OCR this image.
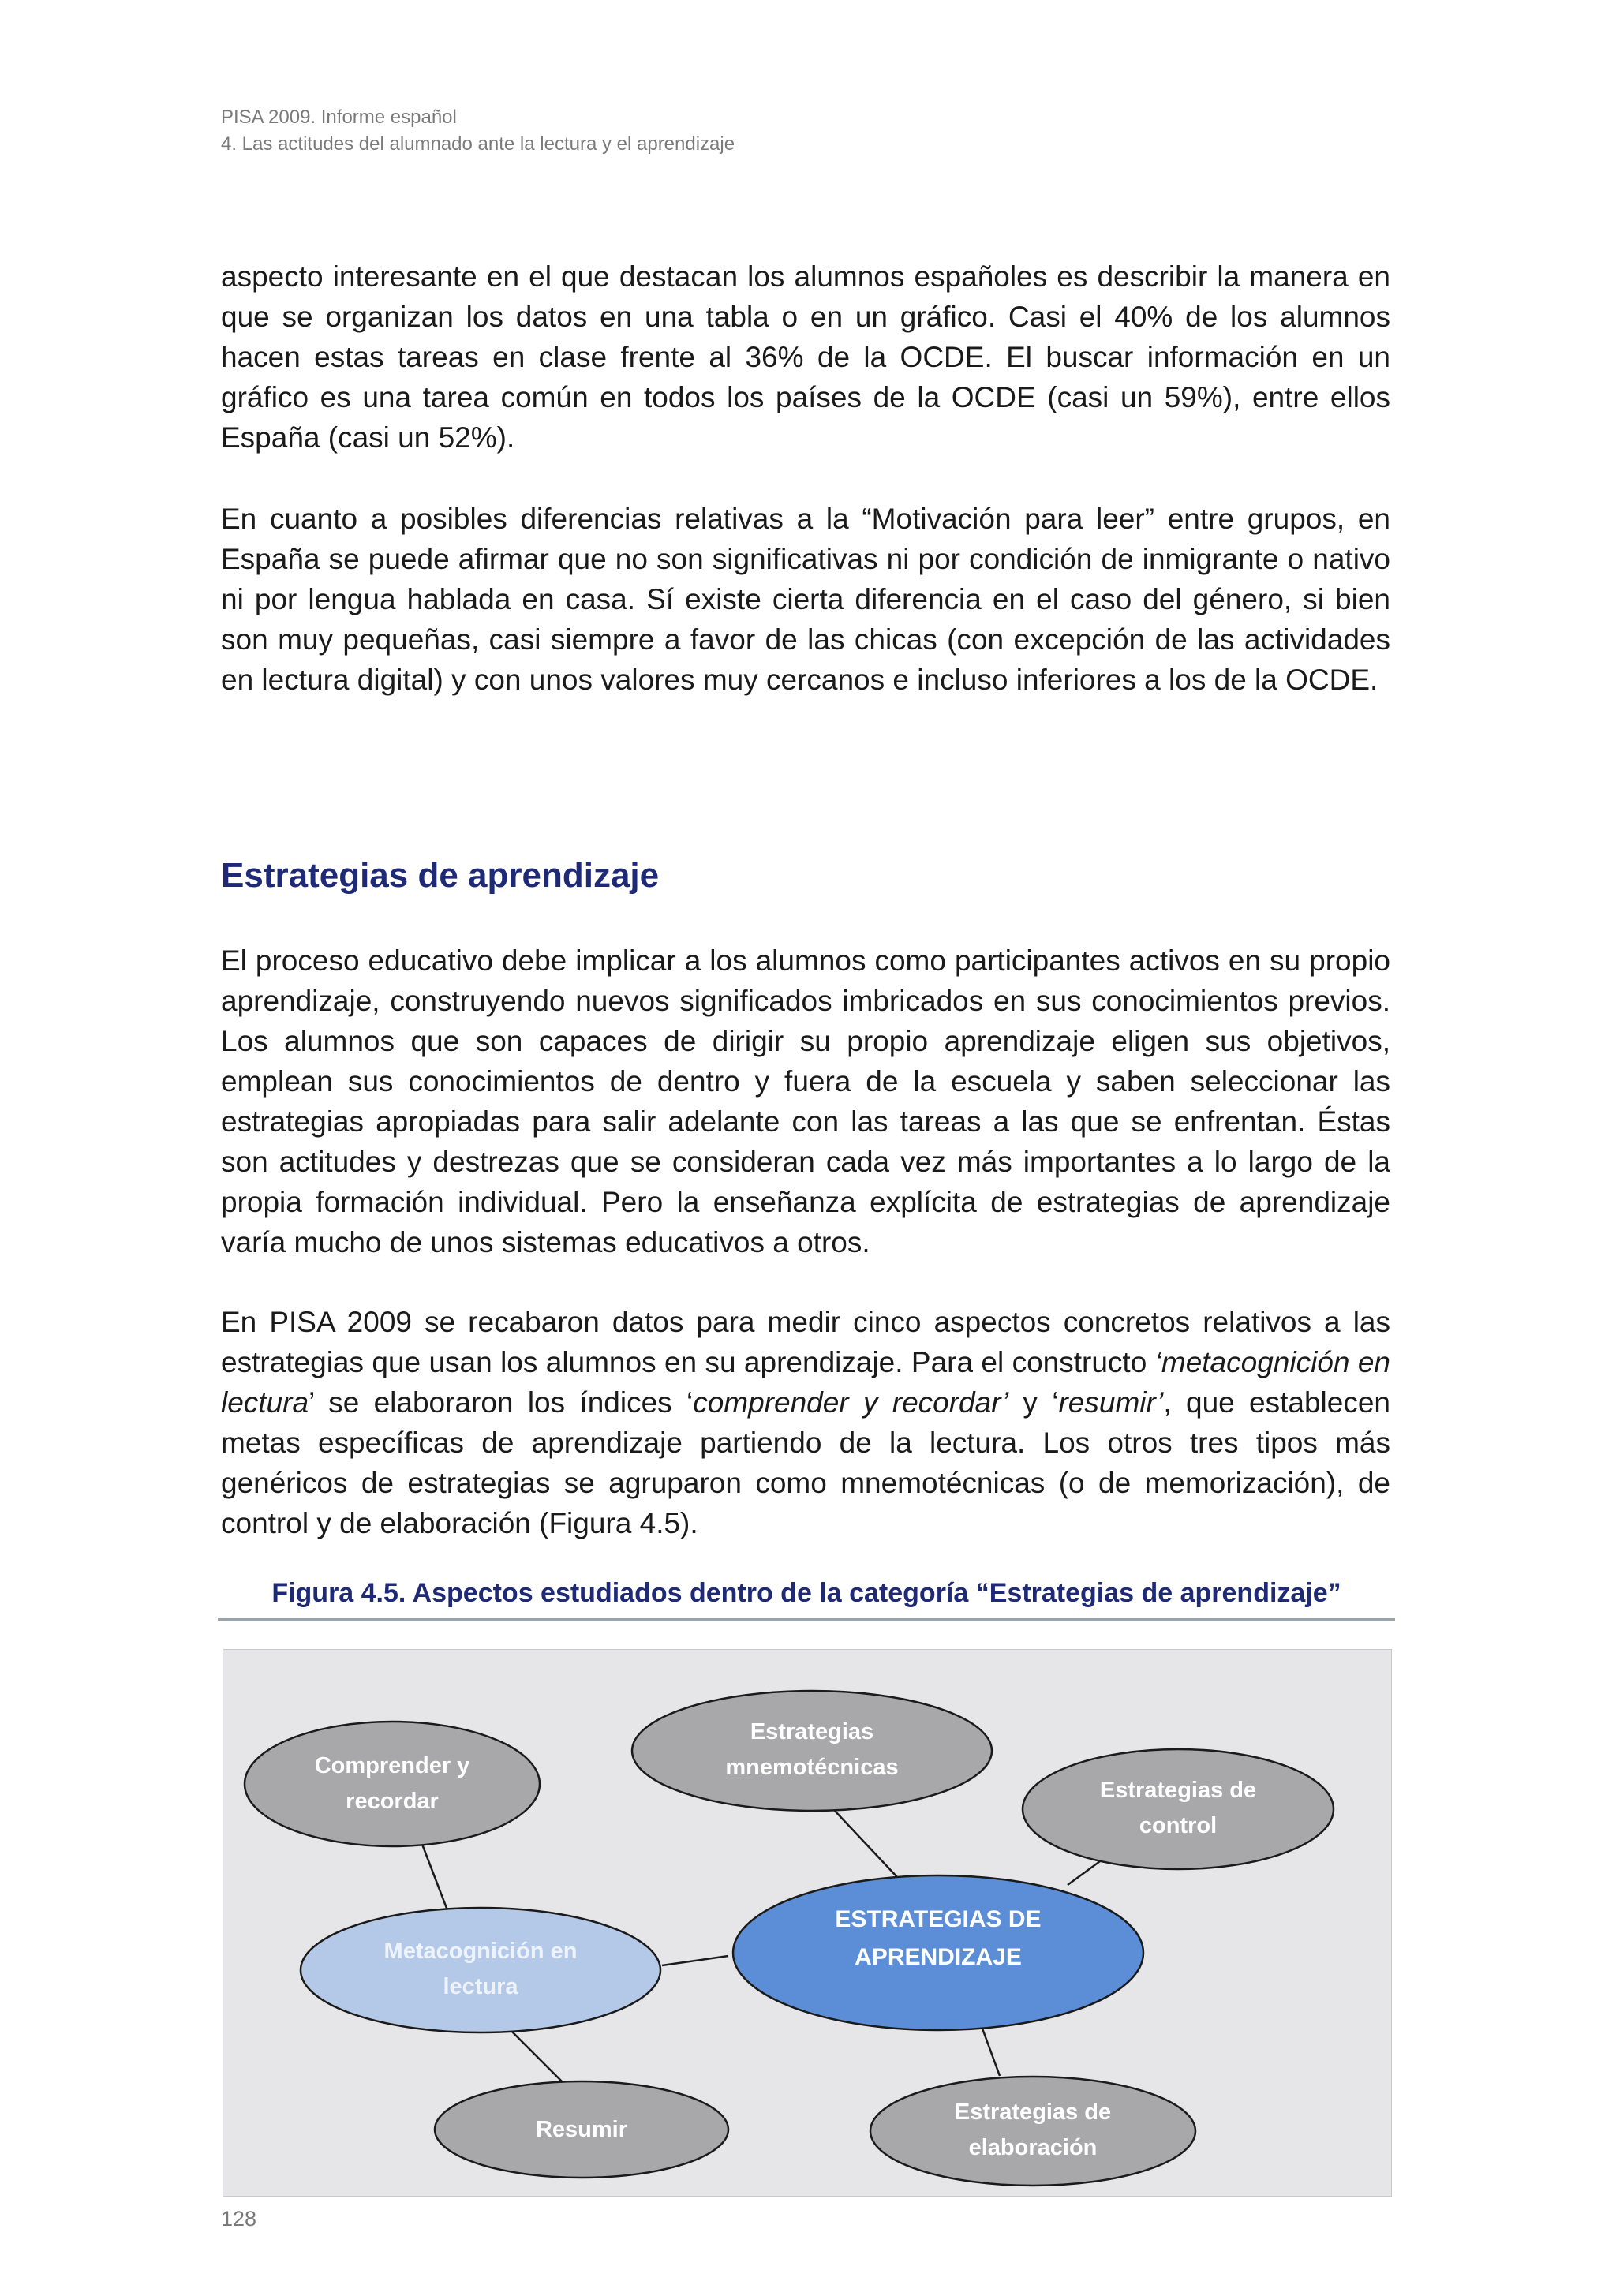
PISA 2009. Informe español
4. Las actitudes del alumnado ante la lectura y el aprendizaje

aspecto interesante en el que destacan los alumnos españoles es describir la manera en que se organizan los datos en una tabla o en un gráfico. Casi el 40% de los alumnos hacen estas tareas en clase frente al 36% de la OCDE. El buscar información en un gráfico es una tarea común en todos los países de la OCDE (casi un 59%), entre ellos España (casi un 52%).

En cuanto a posibles diferencias relativas a la “Motivación para leer” entre grupos, en España se puede afirmar que no son significativas ni por condición de inmigrante o nativo ni por lengua hablada en casa. Sí existe cierta diferencia en el caso del género, si bien son muy pequeñas, casi siempre a favor de las chicas (con excepción de las actividades en lectura digital) y con unos valores muy cercanos e incluso inferiores a los de la OCDE.

Estrategias de aprendizaje

El proceso educativo debe implicar a los alumnos como participantes activos en su propio aprendizaje, construyendo nuevos significados imbricados en sus conocimientos previos. Los alumnos que son capaces de dirigir su propio aprendizaje eligen sus objetivos, emplean sus conocimientos de dentro y fuera de la escuela y saben seleccionar las estrategias apropiadas para salir adelante con las tareas a las que se enfrentan. Éstas son actitudes y destrezas que se consideran cada vez más importantes a lo largo de la propia formación individual. Pero la enseñanza explícita de estrategias de aprendizaje varía mucho de unos sistemas educativos a otros.

En PISA 2009 se recabaron datos para medir cinco aspectos concretos relativos a las estrategias que usan los alumnos en su aprendizaje. Para el constructo ‘metacognición en lectura’ se elaboraron los índices ‘comprender y recordar’ y ‘resumir’, que establecen metas específicas de aprendizaje partiendo de la lectura. Los otros tres tipos más genéricos de estrategias se agruparon como mnemotécnicas (o de memorización), de control y de elaboración (Figura 4.5).

Figura 4.5. Aspectos estudiados dentro de la categoría “Estrategias de aprendizaje”
Comprender y
recordar
Estrategias
mnemotécnicas
Estrategias de
control
ESTRATEGIAS DE
APRENDIZAJE
Metacognición en
lectura
Resumir
Estrategias de
elaboración
128
